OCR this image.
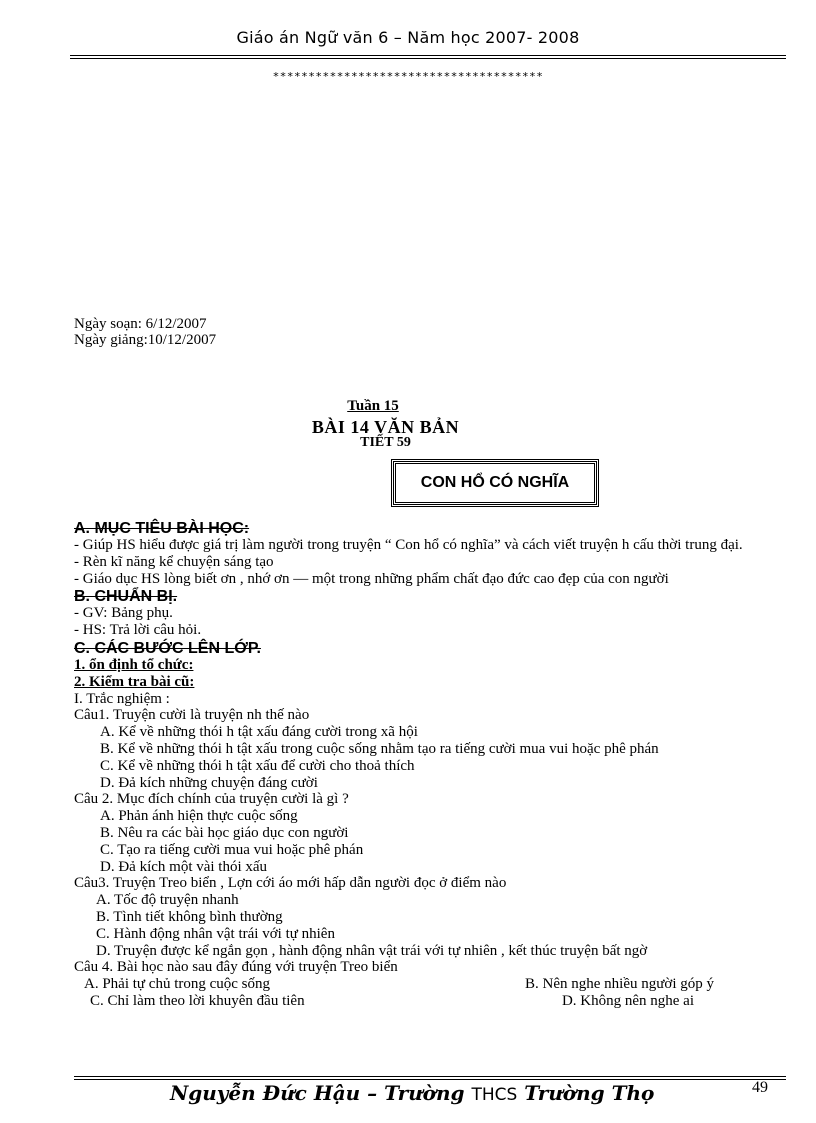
Giáo án Ngữ văn 6 – Năm học 2007- 2008
**************************************
Ngày soạn: 6/12/2007
Ngày giảng:10/12/2007
Tuần 15
BÀI 14 VĂN BẢN
TIẾT 59
CON HỔ CÓ NGHĨA
A. MỤC TIÊU BÀI HỌC:
- Giúp HS hiểu được giá trị làm người trong truyện “ Con hổ có nghĩa” và cách viết truyện h cấu thời trung đại.
- Rèn kĩ năng kể chuyện sáng tạo
- Giáo dục HS lòng biết ơn , nhớ ơn — một trong những phẩm chất đạo đức cao đẹp của con người
B. CHUẨN BỊ.
- GV: Bảng phụ.
- HS: Trả lời câu hỏi.
C. CÁC BƯỚC LÊN LỚP.
1. ổn định tổ chức:
2. Kiểm tra bài cũ:
I. Trắc nghiệm :
Câu1. Truyện cười là truyện nh thế nào
A. Kể về những thói h tật xấu đáng cười trong xã hội
B. Kể về những thói h tật xấu trong cuộc sống nhằm tạo ra tiếng cười mua vui hoặc phê phán
C. Kể về những thói h tật xấu để cười cho thoả thích
D. Đả kích những chuyện đáng cười
Câu 2. Mục đích chính của truyện cười là gì ?
A. Phản ánh hiện thực cuộc sống
B. Nêu ra các bài học giáo dục con người
C. Tạo ra tiếng cười mua vui hoặc phê phán
D. Đả kích một vài thói xấu
Câu3. Truyện Treo biển , Lợn cới áo mới hấp dẫn người đọc ở điểm nào
A. Tốc độ truyện nhanh
B. Tình tiết không bình thường
C. Hành động nhân vật trái với tự nhiên
D. Truyện được kể ngắn gọn , hành động nhân vật trái với tự nhiên , kết thúc truyện bất ngờ
Câu 4. Bài học nào sau đây đúng với truyện Treo biển
A. Phải tự chủ trong cuộc sống	B. Nên nghe nhiều người góp ý
C. Chỉ làm theo lời khuyên đầu tiên	D. Không nên nghe ai
Nguyễn Đức Hậu – Trường THCS Trường Thọ	49
